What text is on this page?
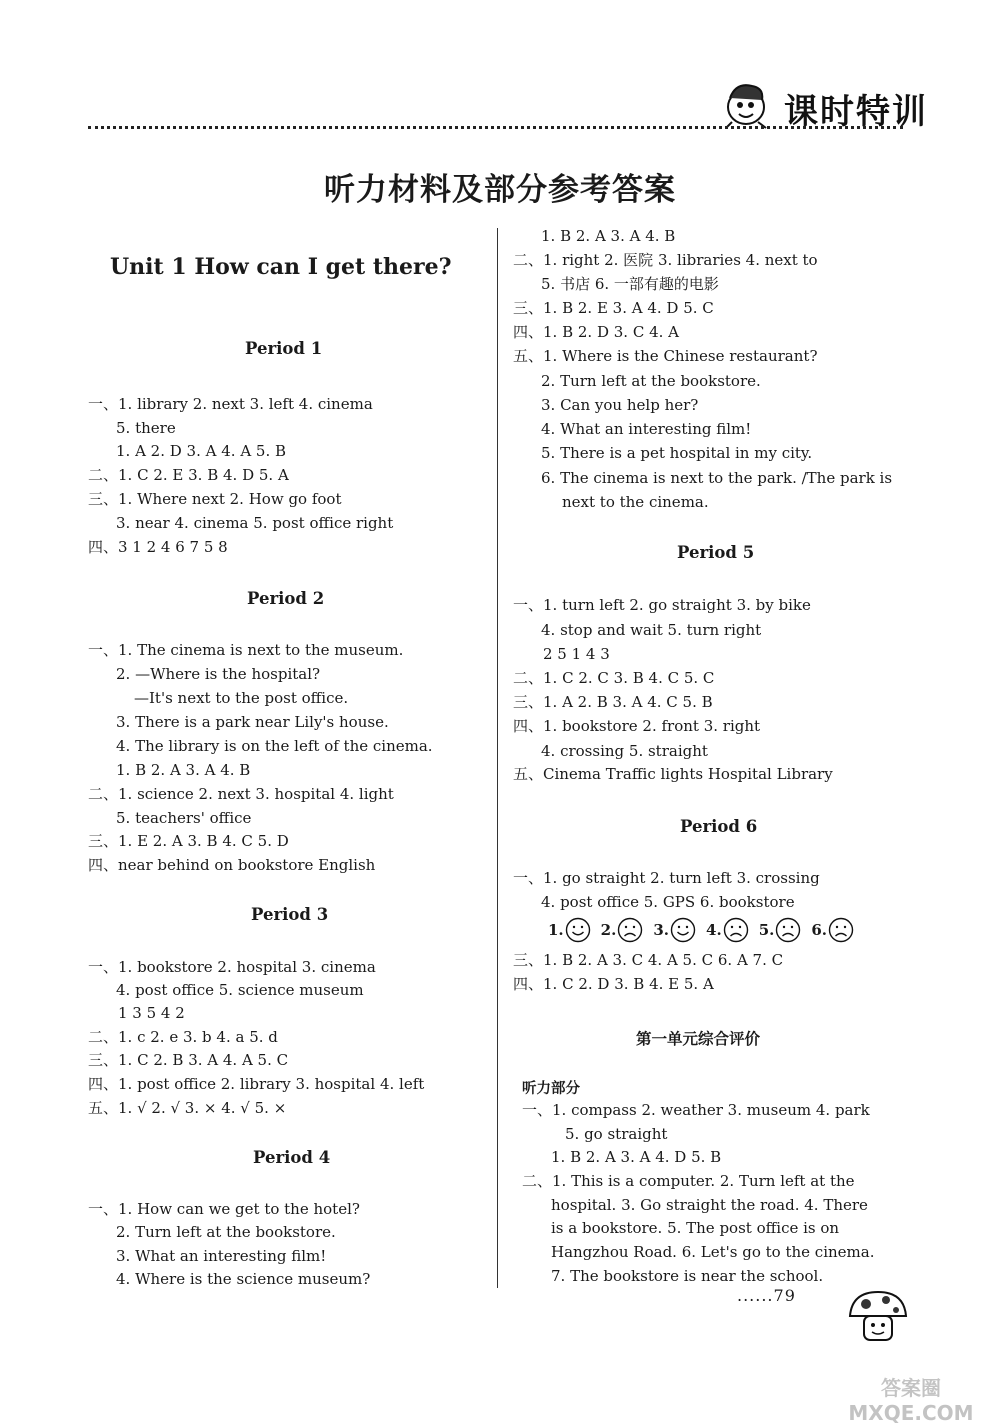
课时特训
听力材料及部分参考答案
Unit 1 How can I get there?
Period 1
一、1. library 2. next 3. left 4. cinema
5. there
1. A 2. D 3. A 4. A 5. B
二、1. C 2. E 3. B 4. D 5. A
三、1. Where next 2. How go foot
3. near 4. cinema 5. post office right
四、3 1 2 4 6 7 5 8
Period 2
一、1. The cinema is next to the museum.
2. —Where is the hospital?
—It's next to the post office.
3. There is a park near Lily's house.
4. The library is on the left of the cinema.
1. B 2. A 3. A 4. B
二、1. science 2. next 3. hospital 4. light
5. teachers' office
三、1. E 2. A 3. B 4. C 5. D
四、near behind on bookstore English
Period 3
一、1. bookstore 2. hospital 3. cinema
4. post office 5. science museum
1 3 5 4 2
二、1. c 2. e 3. b 4. a 5. d
三、1. C 2. B 3. A 4. A 5. C
四、1. post office 2. library 3. hospital 4. left
五、1. √ 2. √ 3. × 4. √ 5. ×
Period 4
一、1. How can we get to the hotel?
2. Turn left at the bookstore.
3. What an interesting film!
4. Where is the science museum?
1. B 2. A 3. A 4. B
二、1. right 2. 医院 3. libraries 4. next to
5. 书店 6. 一部有趣的电影
三、1. B 2. E 3. A 4. D 5. C
四、1. B 2. D 3. C 4. A
五、1. Where is the Chinese restaurant?
2. Turn left at the bookstore.
3. Can you help her?
4. What an interesting film!
5. There is a pet hospital in my city.
6. The cinema is next to the park. /The park is
next to the cinema.
Period 5
一、1. turn left 2. go straight 3. by bike
4. stop and wait 5. turn right
2 5 1 4 3
二、1. C 2. C 3. B 4. C 5. C
三、1. A 2. B 3. A 4. C 5. B
四、1. bookstore 2. front 3. right
4. crossing 5. straight
五、Cinema Traffic lights Hospital Library
Period 6
一、1. go straight 2. turn left 3. crossing
4. post office 5. GPS 6. bookstore
1. 2. 3. 4. 5. 6.
三、1. B 2. A 3. C 4. A 5. C 6. A 7. C
四、1. C 2. D 3. B 4. E 5. A
第一单元综合评价
听力部分
一、1. compass 2. weather 3. museum 4. park
5. go straight
1. B 2. A 3. A 4. D 5. B
二、1. This is a computer. 2. Turn left at the
hospital. 3. Go straight the road. 4. There
is a bookstore. 5. The post office is on
Hangzhou Road. 6. Let's go to the cinema.
7. The bookstore is near the school.
......79
答案圈 MXQE.COM
